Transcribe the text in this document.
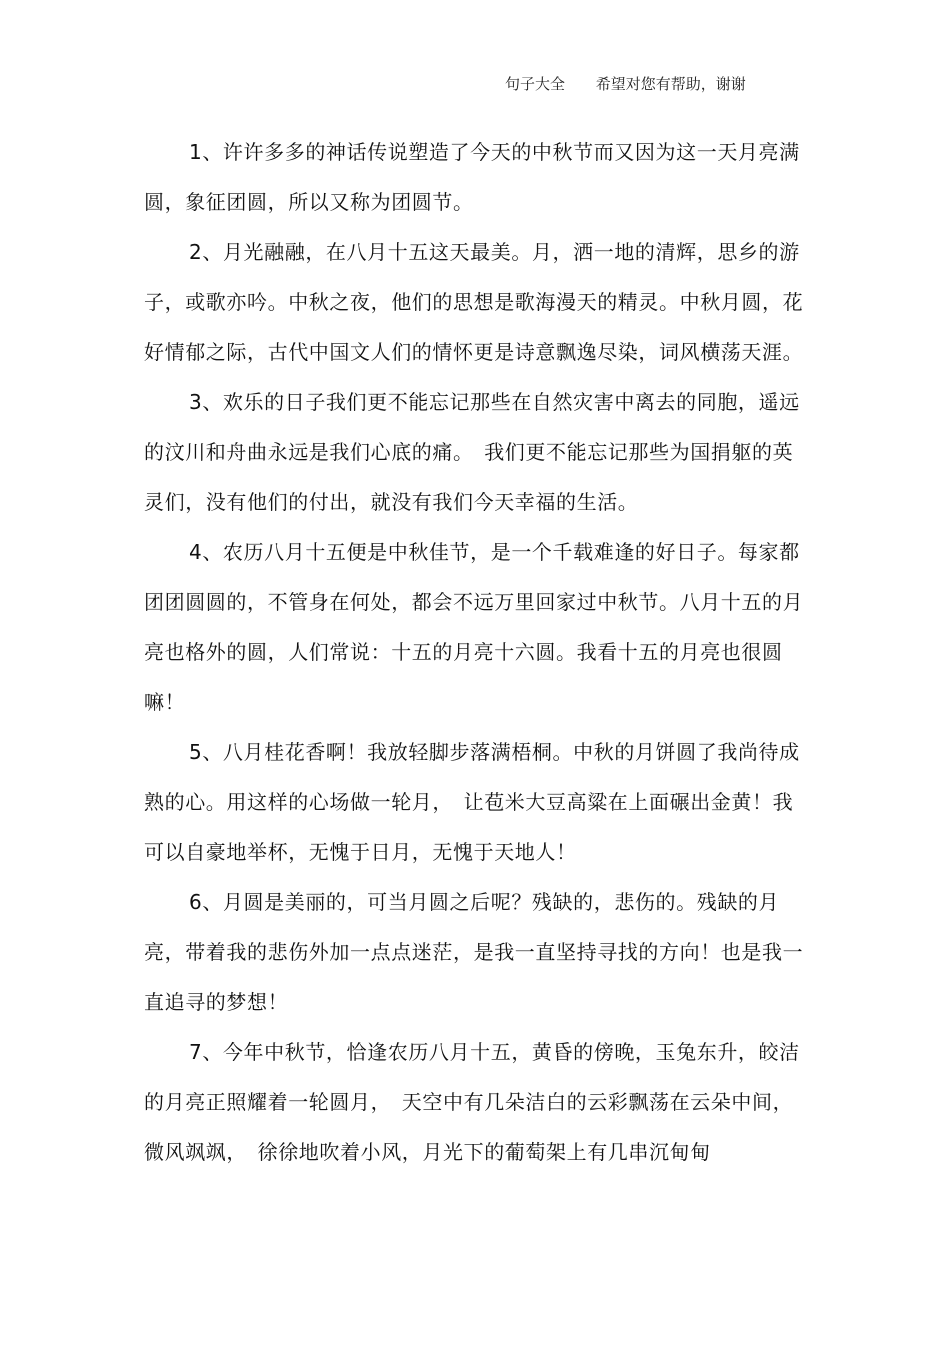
句子大全 希望对您有帮助，谢谢

1、许许多多的神话传说塑造了今天的中秋节而又因为这一天月亮满圆，象征团圆，所以又称为团圆节。

2、月光融融，在八月十五这天最美。月，洒一地的清辉，思乡的游子，或歌亦吟。中秋之夜，他们的思想是歌海漫天的精灵。中秋月圆，花好情郁之际，古代中国文人们的情怀更是诗意飘逸尽染，词风横荡天涯。

3、欢乐的日子我们更不能忘记那些在自然灾害中离去的同胞，遥远的汶川和舟曲永远是我们心底的痛。　我们更不能忘记那些为国捐躯的英灵们，没有他们的付出，就没有我们今天幸福的生活。

4、农历八月十五便是中秋佳节，是一个千载难逢的好日子。每家都团团圆圆的，不管身在何处，都会不远万里回家过中秋节。八月十五的月亮也格外的圆，人们常说：十五的月亮十六圆。我看十五的月亮也很圆嘛！

5、八月桂花香啊！我放轻脚步落满梧桐。中秋的月饼圆了我尚待成熟的心。用这样的心场做一轮月，　让苞米大豆高粱在上面碾出金黄！我可以自豪地举杯，无愧于日月，无愧于天地人！

6、月圆是美丽的，可当月圆之后呢？残缺的，悲伤的。残缺的月亮，带着我的悲伤外加一点点迷茫，是我一直坚持寻找的方向！也是我一直追寻的梦想！

7、今年中秋节，恰逢农历八月十五，黄昏的傍晚，玉兔东升，皎洁的月亮正照耀着一轮圆月，　天空中有几朵洁白的云彩飘荡在云朵中间，微风飒飒，　徐徐地吹着小风，月光下的葡萄架上有几串沉甸甸
